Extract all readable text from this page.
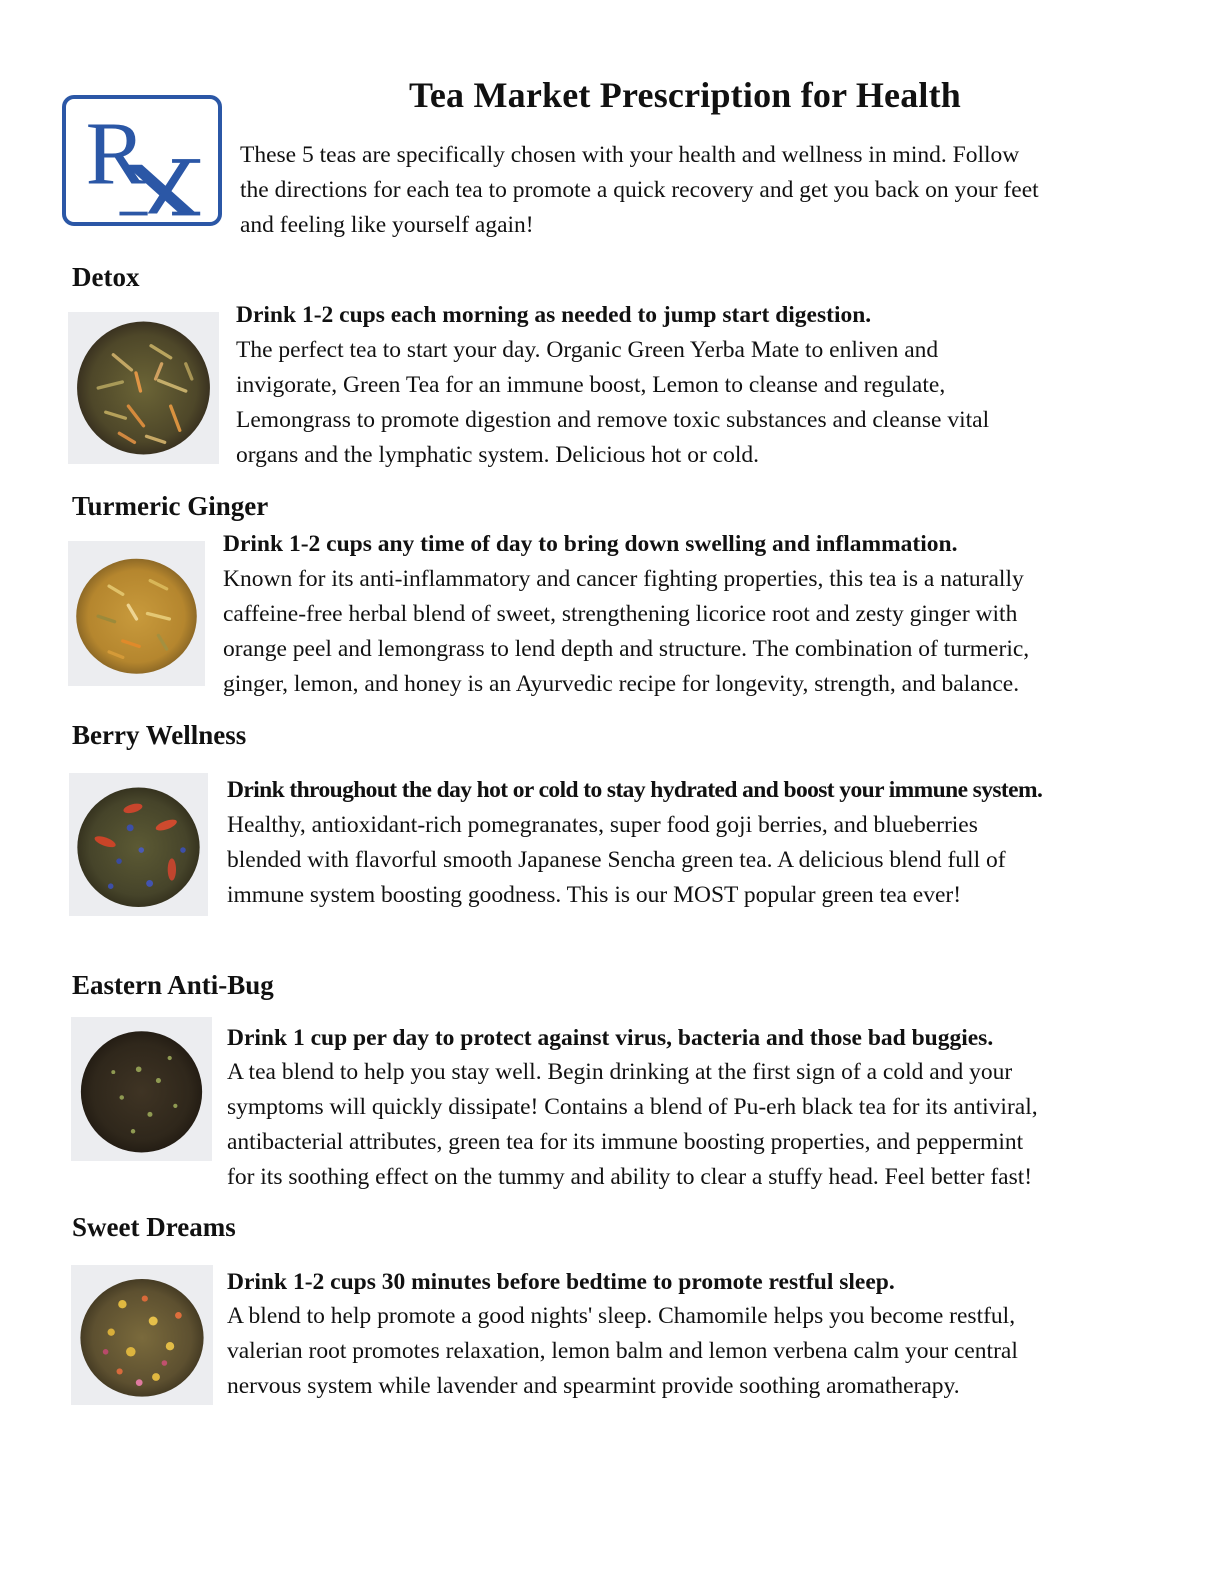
Tea Market Prescription for Health
R	These 5 teas are specifically chosen with your health and wellness in mind. Follow
the directions for each tea to promote a quick recovery and get you back on your feet
and feeling like yourself again!
Detox
Drink 1-2 cups each morning as needed to jump start digestion.
The perfect tea to start your day. Organic Green Yerba Mate to enliven and
invigorate, Green Tea for an immune boost, Lemon to cleanse and regulate,
Lemongrass to promote digestion and remove toxic substances and cleanse vital
organs and the lymphatic system. Delicious hot or cold.
Turmeric Ginger
Drink 1-2 cups any time of day to bring down swelling and inflammation.
Known for its anti-inflammatory and cancer fighting properties, this tea is a naturally
caffeine-free herbal blend of sweet, strengthening licorice root and zesty ginger with
orange peel and lemongrass to lend depth and structure. The combination of turmeric,
ginger, lemon, and honey is an Ayurvedic recipe for longevity, strength, and balance.
Berry Wellness
Drink throughout the day hot or cold to stay hydrated and boost your immune system.
Healthy, antioxidant-rich pomegranates, super food goji berries, and blueberries
blended with flavorful smooth Japanese Sencha green tea. A delicious blend full of
immune system boosting goodness. This is our MOST popular green tea ever!
Eastern Anti-Bug
Drink 1 cup per day to protect against virus, bacteria and those bad buggies.
A tea blend to help you stay well. Begin drinking at the first sign of a cold and your
symptoms will quickly dissipate! Contains a blend of Pu-erh black tea for its antiviral,
antibacterial attributes, green tea for its immune boosting properties, and peppermint
for its soothing effect on the tummy and ability to clear a stuffy head. Feel better fast!
Sweet Dreams
Drink 1-2 cups 30 minutes before bedtime to promote restful sleep.
A blend to help promote a good nights' sleep. Chamomile helps you become restful,
valerian root promotes relaxation, lemon balm and lemon verbena calm your central
nervous system while lavender and spearmint provide soothing aromatherapy.
